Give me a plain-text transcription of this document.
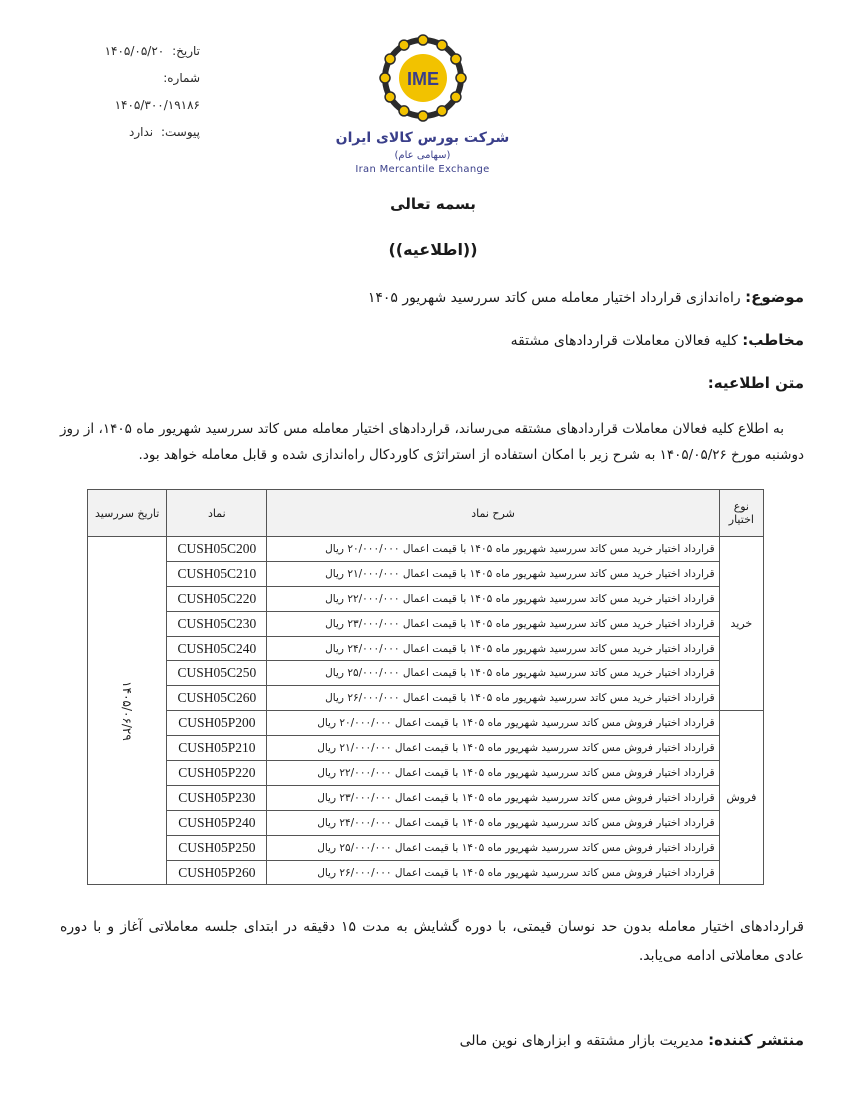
تاریخ: ۱۴۰۵/۰۵/۲۰
شماره: ۱۴۰۵/۳۰۰/۱۹۱۸۶
پیوست: ندارد
IME
شرکت بورس کالای ایران (سهامی عام)
Iran Mercantile Exchange
بسمه تعالی
((اطلاعیه))
موضوع: راه‌اندازی قرارداد اختیار معامله مس کاتد سررسید شهریور ۱۴۰۵
مخاطب: کلیه فعالان معاملات قراردادهای مشتقه
متن اطلاعیه:
به اطلاع کلیه فعالان معاملات قراردادهای مشتقه می‌رساند، قراردادهای اختیار معامله مس کاتد سررسید شهریور ماه ۱۴۰۵، از روز دوشنبه مورخ ۱۴۰۵/۰۵/۲۶ به شرح زیر با امکان استفاده از استراتژی کاوردکال راه‌اندازی شده و قابل معامله خواهد بود.
نوع اختیار	شرح نماد	نماد	تاریخ سررسید
خرید	قرارداد اختیار خرید مس کاتد سررسید شهریور ماه ۱۴۰۵ با قیمت اعمال ۲۰/۰۰۰/۰۰۰ ریال	CUSH05C200	۱۴۰۵/۰۶/۲۹
	قرارداد اختیار خرید مس کاتد سررسید شهریور ماه ۱۴۰۵ با قیمت اعمال ۲۱/۰۰۰/۰۰۰ ریال	CUSH05C210	
	قرارداد اختیار خرید مس کاتد سررسید شهریور ماه ۱۴۰۵ با قیمت اعمال ۲۲/۰۰۰/۰۰۰ ریال	CUSH05C220	
	قرارداد اختیار خرید مس کاتد سررسید شهریور ماه ۱۴۰۵ با قیمت اعمال ۲۳/۰۰۰/۰۰۰ ریال	CUSH05C230	
	قرارداد اختیار خرید مس کاتد سررسید شهریور ماه ۱۴۰۵ با قیمت اعمال ۲۴/۰۰۰/۰۰۰ ریال	CUSH05C240	
	قرارداد اختیار خرید مس کاتد سررسید شهریور ماه ۱۴۰۵ با قیمت اعمال ۲۵/۰۰۰/۰۰۰ ریال	CUSH05C250	
	قرارداد اختیار خرید مس کاتد سررسید شهریور ماه ۱۴۰۵ با قیمت اعمال ۲۶/۰۰۰/۰۰۰ ریال	CUSH05C260	
فروش	قرارداد اختیار فروش مس کاتد سررسید شهریور ماه ۱۴۰۵ با قیمت اعمال ۲۰/۰۰۰/۰۰۰ ریال	CUSH05P200	
	قرارداد اختیار فروش مس کاتد سررسید شهریور ماه ۱۴۰۵ با قیمت اعمال ۲۱/۰۰۰/۰۰۰ ریال	CUSH05P210	
	قرارداد اختیار فروش مس کاتد سررسید شهریور ماه ۱۴۰۵ با قیمت اعمال ۲۲/۰۰۰/۰۰۰ ریال	CUSH05P220	
	قرارداد اختیار فروش مس کاتد سررسید شهریور ماه ۱۴۰۵ با قیمت اعمال ۲۳/۰۰۰/۰۰۰ ریال	CUSH05P230	
	قرارداد اختیار فروش مس کاتد سررسید شهریور ماه ۱۴۰۵ با قیمت اعمال ۲۴/۰۰۰/۰۰۰ ریال	CUSH05P240	
	قرارداد اختیار فروش مس کاتد سررسید شهریور ماه ۱۴۰۵ با قیمت اعمال ۲۵/۰۰۰/۰۰۰ ریال	CUSH05P250	
	قرارداد اختیار فروش مس کاتد سررسید شهریور ماه ۱۴۰۵ با قیمت اعمال ۲۶/۰۰۰/۰۰۰ ریال	CUSH05P260	
قراردادهای اختیار معامله بدون حد نوسان قیمتی، با دوره گشایش به مدت ۱۵ دقیقه در ابتدای جلسه معاملاتی آغاز و با دوره عادی معاملاتی ادامه می‌یابد.
منتشر کننده: مدیریت بازار مشتقه و ابزارهای نوین مالی
